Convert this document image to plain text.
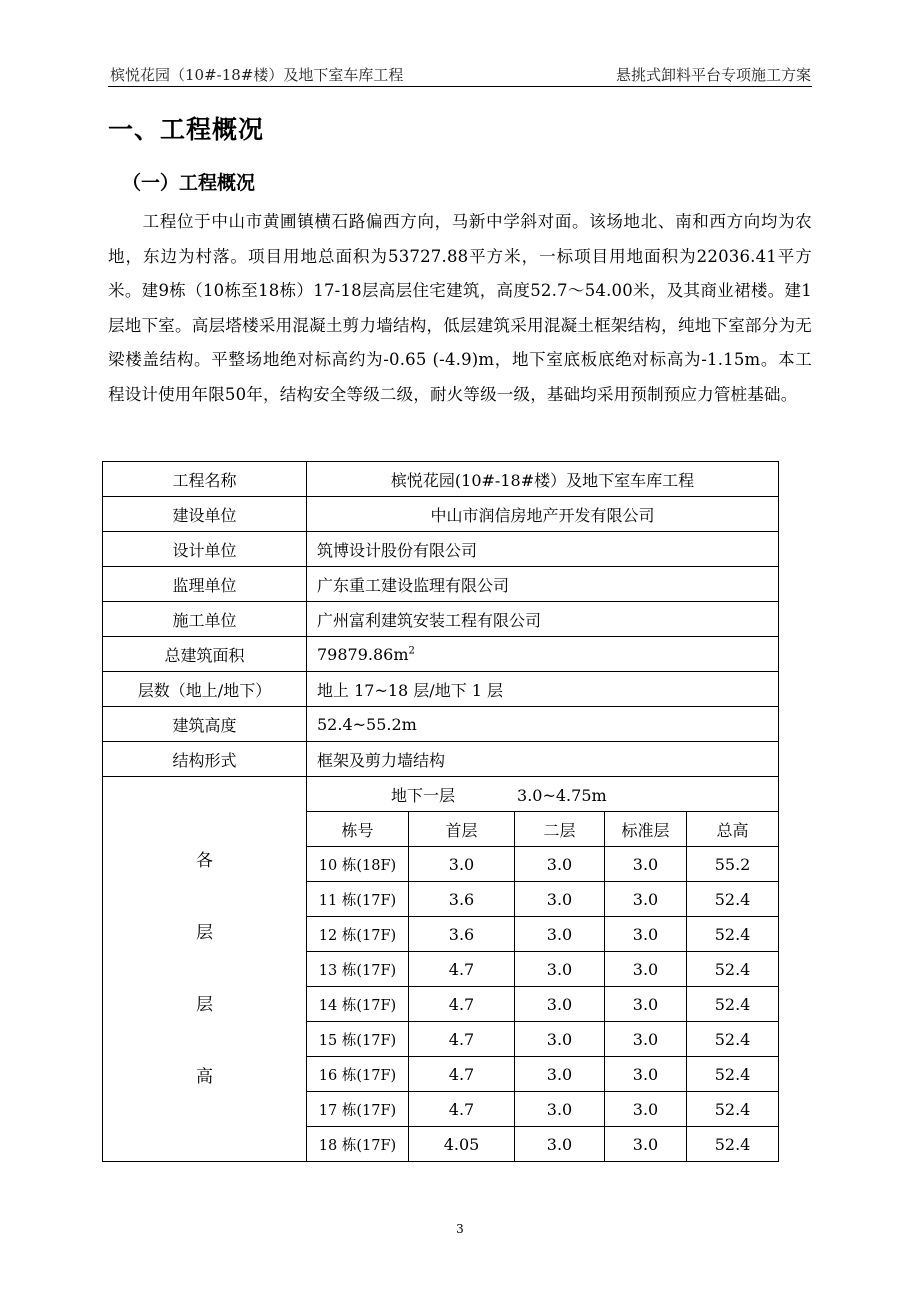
槟悦花园（10#-18#楼）及地下室车库工程	悬挑式卸料平台专项施工方案
一、工程概况
（一）工程概况

工程位于中山市黄圃镇横石路偏西方向，马新中学斜对面。该场地北、南和西方向均为农地，东边为村落。项目用地总面积为53727.88平方米，一标项目用地面积为22036.41平方米。建9栋（10栋至18栋）17-18层高层住宅建筑，高度52.7～54.00米，及其商业裙楼。建1层地下室。高层塔楼采用混凝土剪力墙结构，低层建筑采用混凝土框架结构，纯地下室部分为无梁楼盖结构。平整场地绝对标高约为-0.65 (-4.9)m，地下室底板底绝对标高为-1.15m。本工程设计使用年限50年，结构安全等级二级，耐火等级一级，基础均采用预制预应力管桩基础。

工程名称	槟悦花园(10#-18#楼）及地下室车库工程				
建设单位	中山市润信房地产开发有限公司				
设计单位	筑博设计股份有限公司				
监理单位	广东重工建设监理有限公司				
施工单位	广州富利建筑安装工程有限公司				
总建筑面积	$79879.86m^2$
层数（地上/地下）	地上 17~18 层/地下 1 层				
建筑高度	52.4~55.2m				
结构形式	框架及剪力墙结构				

各
层
层
高	地下一层 3.0~4.75m				
	栋号	首层	二层	标准层	总高
	10 栋(18F)	3.0	3.0	3.0	55.2
	11 栋(17F)	3.6	3.0	3.0	52.4
	12 栋(17F)	3.6	3.0	3.0	52.4
	13 栋(17F)	4.7	3.0	3.0	52.4
	14 栋(17F)	4.7	3.0	3.0	52.4
	15 栋(17F)	4.7	3.0	3.0	52.4
	16 栋(17F)	4.7	3.0	3.0	52.4
	17 栋(17F)	4.7	3.0	3.0	52.4
	18 栋(17F)	4.05	3.0	3.0	52.4
3
